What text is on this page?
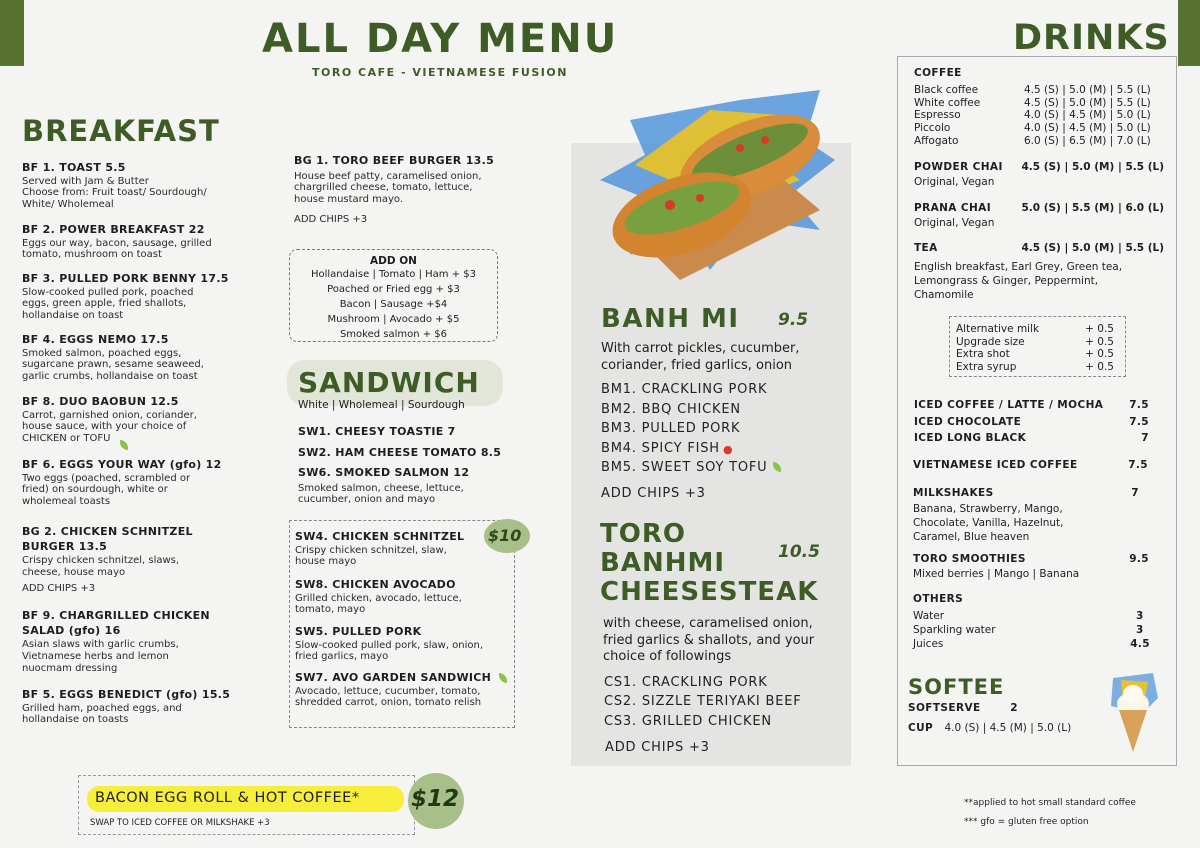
ALL DAY MENU
TORO CAFE - VIETNAMESE FUSION
BREAKFAST
BF 1. TOAST 5.5
Served with Jam & Butter
Choose from: Fruit toast/ Sourdough/
White/ Wholemeal
BF 2. POWER BREAKFAST 22
Eggs our way, bacon, sausage, grilled
tomato, mushroom on toast
BF 3. PULLED PORK BENNY 17.5
Slow-cooked pulled pork, poached
eggs, green apple, fried shallots,
hollandaise on toast
BF 4. EGGS NEMO 17.5
Smoked salmon, poached eggs,
sugarcane prawn, sesame seaweed,
garlic crumbs, hollandaise on toast
BF 8. DUO BAOBUN 12.5
Carrot, garnished onion, coriander,
house sauce, with your choice of
CHICKEN or TOFU
BF 6. EGGS YOUR WAY (gfo) 12
Two eggs (poached, scrambled or
fried) on sourdough, white or
wholemeal toasts
BG 2. CHICKEN SCHNITZEL
BURGER 13.5
Crispy chicken schnitzel, slaws,
cheese, house mayo
ADD CHIPS +3
BF 9. CHARGRILLED CHICKEN
SALAD (gfo) 16
Asian slaws with garlic crumbs,
Vietnamese herbs and lemon
nuocmam dressing
BF 5. EGGS BENEDICT (gfo) 15.5
Grilled ham, poached eggs, and
hollandaise on toasts
BG 1. TORO BEEF BURGER 13.5
House beef patty, caramelised onion,
chargrilled cheese, tomato, lettuce,
house mustard mayo.
ADD CHIPS +3
ADD ON
Hollandaise | Tomato | Ham + $3
Poached or Fried egg + $3
Bacon | Sausage +$4
Mushroom | Avocado + $5
Smoked salmon + $6
SANDWICH
White | Wholemeal | Sourdough
SW1. CHEESY TOASTIE 7
SW2. HAM CHEESE TOMATO 8.5
SW6. SMOKED SALMON 12
Smoked salmon, cheese, lettuce,
cucumber, onion and mayo
$10
SW4. CHICKEN SCHNITZEL
Crispy chicken schnitzel, slaw,
house mayo
SW8. CHICKEN AVOCADO
Grilled chicken, avocado, lettuce,
tomato, mayo
SW5. PULLED PORK
Slow-cooked pulled pork, slaw, onion,
fried garlics, mayo
SW7. AVO GARDEN SANDWICH
Avocado, lettuce, cucumber, tomato,
shredded carrot, onion, tomato relish
BANH MI 9.5
With carrot pickles, cucumber,
coriander, fried garlics, onion
BM1. CRACKLING PORK
BM2. BBQ CHICKEN
BM3. PULLED PORK
BM4. SPICY FISH ●
BM5. SWEET SOY TOFU
ADD CHIPS +3
TORO
BANHMI
CHEESESTEAK
10.5
with cheese, caramelised onion,
fried garlics & shallots, and your
choice of followings
CS1. CRACKLING PORK
CS2. SIZZLE TERIYAKI BEEF
CS3. GRILLED CHICKEN
ADD CHIPS +3
BACON EGG ROLL & HOT COFFEE*
SWAP TO ICED COFFEE OR MILKSHAKE +3
$12
DRINKS
COFFEE
Black coffee	4.5 (S) | 5.0 (M) | 5.5 (L)
White coffee	4.5 (S) | 5.0 (M) | 5.5 (L)
Espresso	4.0 (S) | 4.5 (M) | 5.0 (L)
Piccolo	4.0 (S) | 4.5 (M) | 5.0 (L)
Affogato	6.0 (S) | 6.5 (M) | 7.0 (L)
POWDER CHAI 4.5 (S) | 5.0 (M) | 5.5 (L)
Original, Vegan
PRANA CHAI	5.0 (S) | 5.5 (M) | 6.0 (L)
Original, Vegan
TEA	4.5 (S) | 5.0 (M) | 5.5 (L)
English breakfast, Earl Grey, Green tea,
Lemongrass & Ginger, Peppermint,
Chamomile
Alternative milk	+ 0.5
Upgrade size	+ 0.5
Extra shot	+ 0.5
Extra syrup	+ 0.5
ICED COFFEE / LATTE / MOCHA 7.5
ICED CHOCOLATE	7.5
ICED LONG BLACK	7
VIETNAMESE ICED COFFEE	7.5
MILKSHAKES	7
Banana, Strawberry, Mango,
Chocolate, Vanilla, Hazelnut,
Caramel, Blue heaven
TORO SMOOTHIES	9.5
Mixed berries | Mango | Banana
OTHERS
Water	3
Sparkling water	3
Juices	4.5
SOFTEE
SOFTSERVE	2
CUP 4.0 (S) | 4.5 (M) | 5.0 (L)
**applied to hot small standard coffee
*** gfo = gluten free option
